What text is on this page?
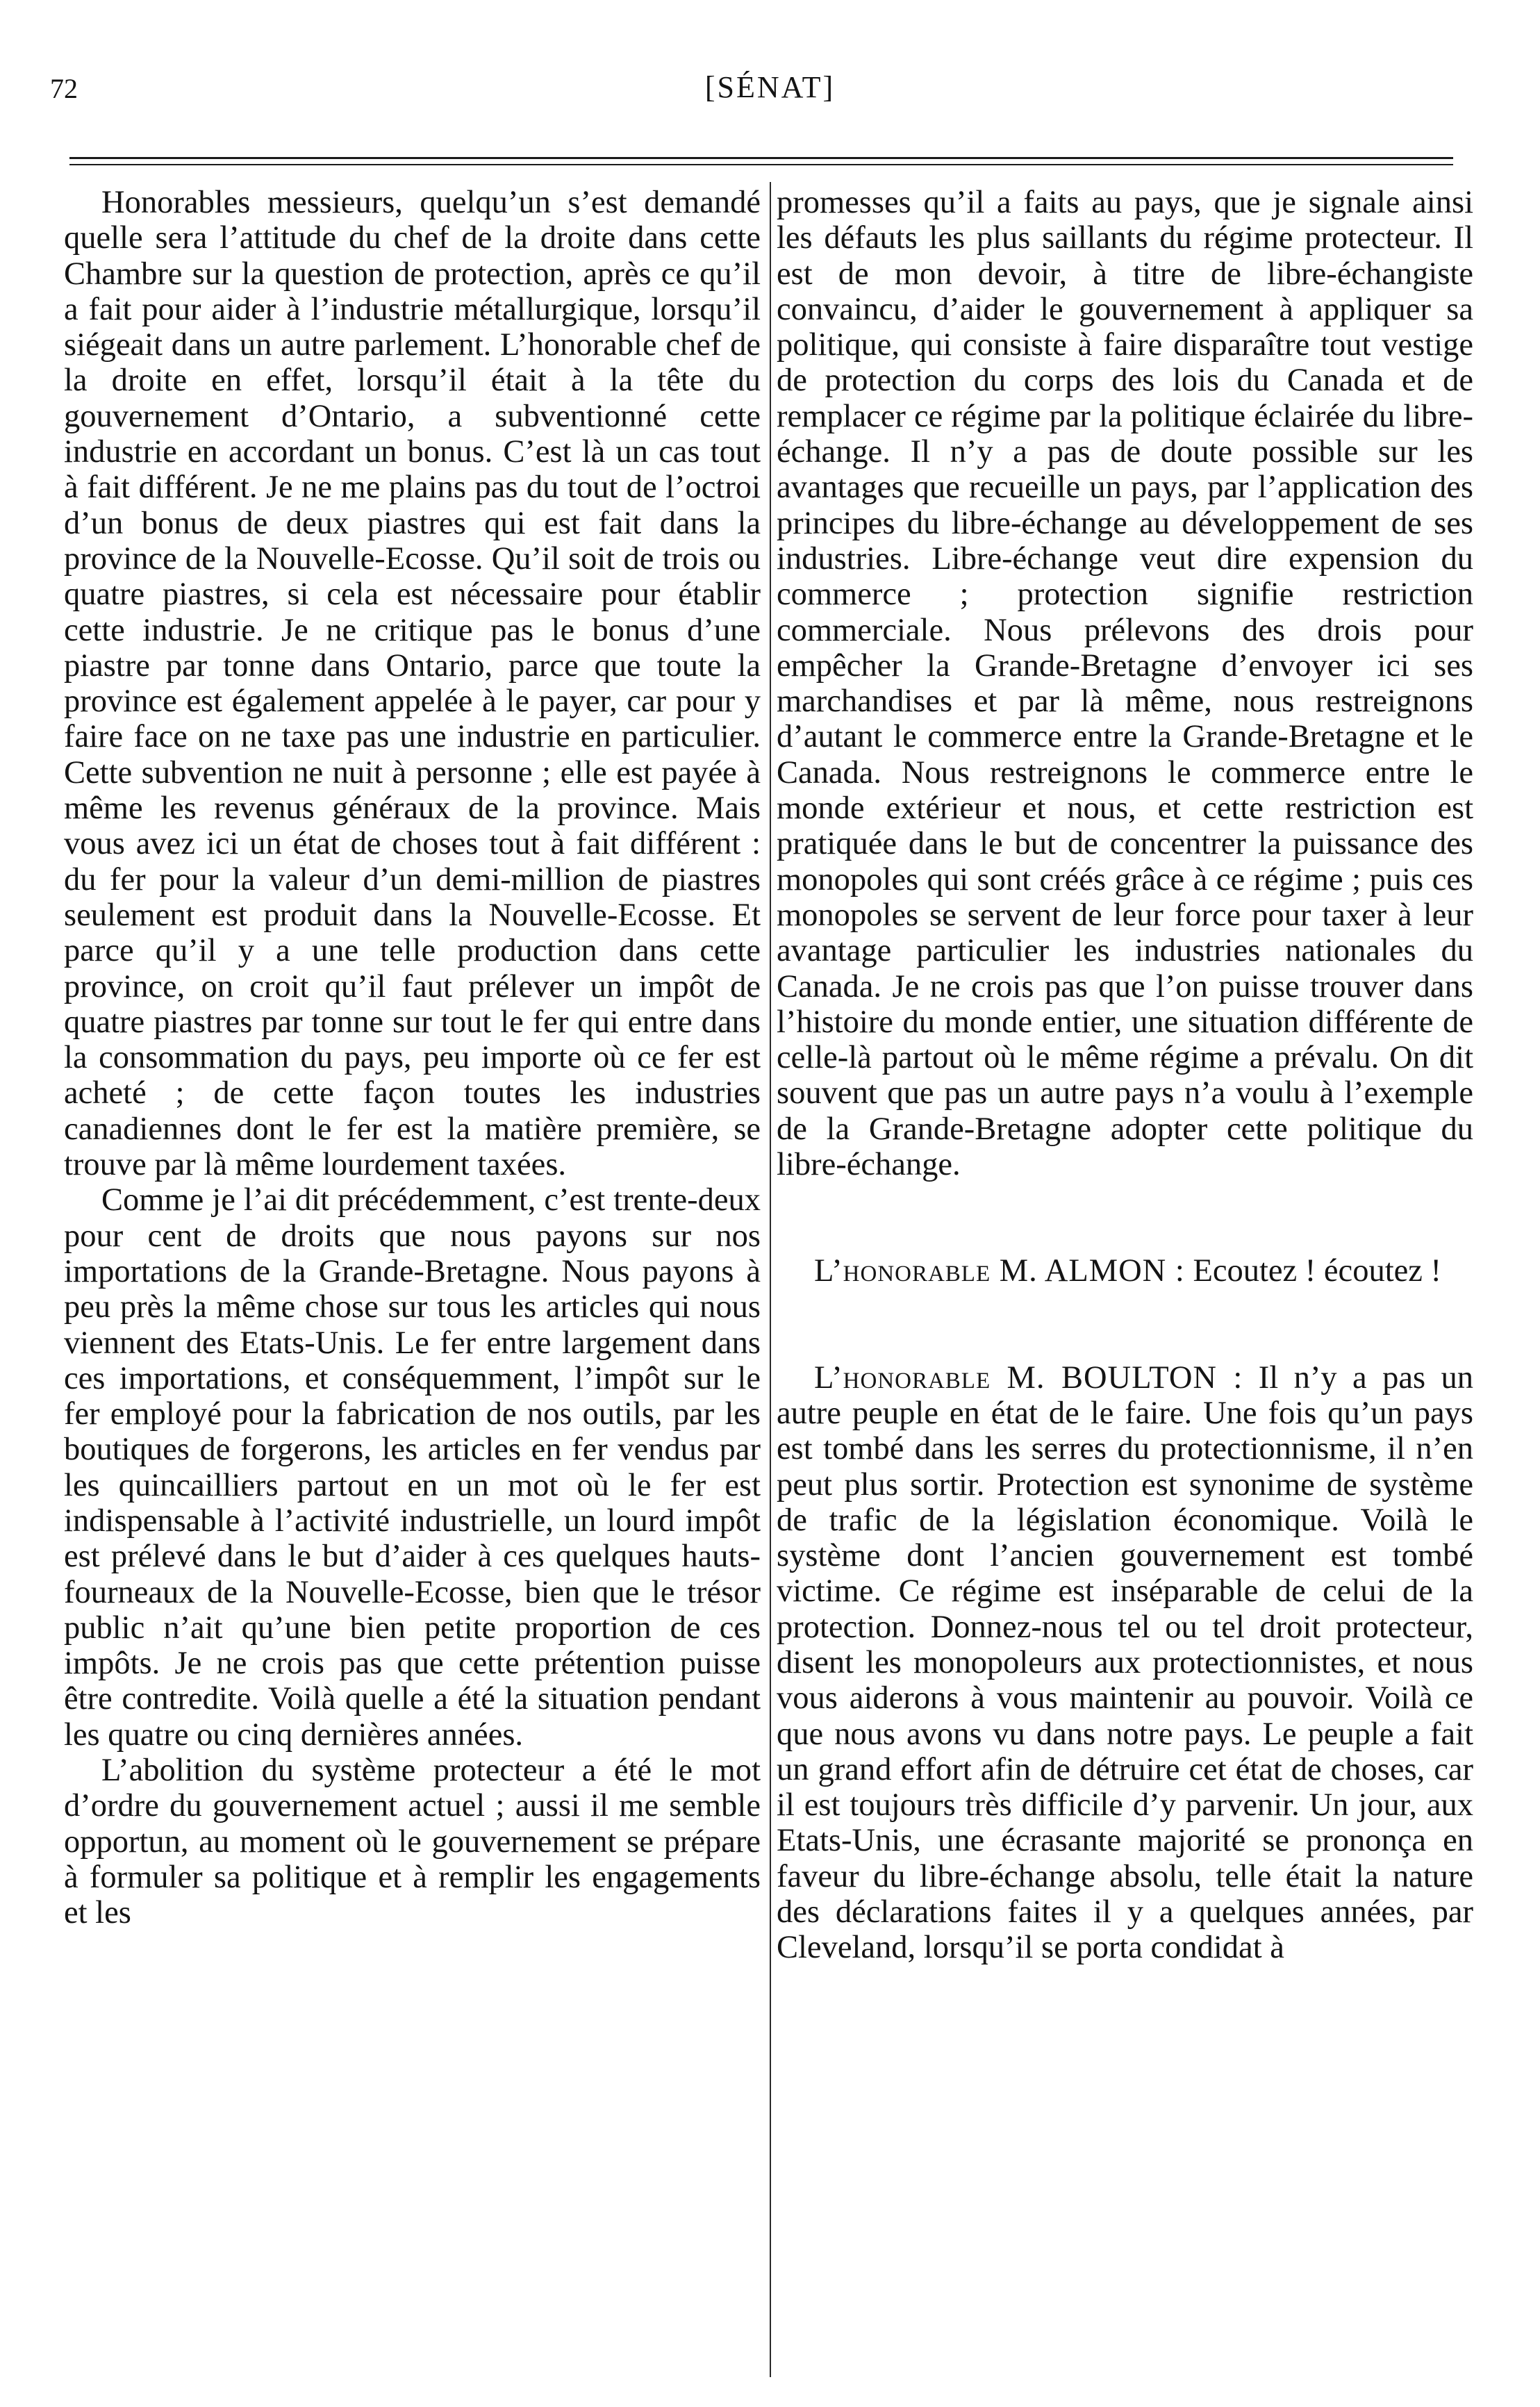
72	[SÉNAT]

Honorables messieurs, quelqu’un s’est demandé quelle sera l’attitude du chef de la droite dans cette Chambre sur la question de protection, après ce qu’il a fait pour aider à l’industrie métallurgique, lorsqu’il siégeait dans un autre parlement. L’honorable chef de la droite en effet, lorsqu’il était à la tête du gouvernement d’Ontario, a subventionné cette industrie en accordant un bonus. C’est là un cas tout à fait différent. Je ne me plains pas du tout de l’octroi d’un bonus de deux piastres qui est fait dans la province de la Nouvelle-Ecosse. Qu’il soit de trois ou quatre piastres, si cela est nécessaire pour établir cette industrie. Je ne critique pas le bonus d’une piastre par tonne dans Ontario, parce que toute la province est également appelée à le payer, car pour y faire face on ne taxe pas une industrie en particulier. Cette subvention ne nuit à personne ; elle est payée à même les revenus généraux de la province. Mais vous avez ici un état de choses tout à fait différent : du fer pour la valeur d’un demi-million de piastres seulement est produit dans la Nouvelle-Ecosse. Et parce qu’il y a une telle production dans cette province, on croit qu’il faut prélever un impôt de quatre piastres par tonne sur tout le fer qui entre dans la consommation du pays, peu importe où ce fer est acheté ; de cette façon toutes les industries canadiennes dont le fer est la matière première, se trouve par là même lourdement taxées.

Comme je l’ai dit précédemment, c’est trente-deux pour cent de droits que nous payons sur nos importations de la Grande-Bretagne. Nous payons à peu près la même chose sur tous les articles qui nous viennent des Etats-Unis. Le fer entre largement dans ces importations, et conséquemment, l’impôt sur le fer employé pour la fabrication de nos outils, par les boutiques de forgerons, les articles en fer vendus par les quincailliers partout en un mot où le fer est indispensable à l’activité industrielle, un lourd impôt est prélevé dans le but d’aider à ces quelques hauts-fourneaux de la Nouvelle-Ecosse, bien que le trésor public n’ait qu’une bien petite proportion de ces impôts. Je ne crois pas que cette prétention puisse être contredite. Voilà quelle a été la situation pendant les quatre ou cinq dernières années.

L’abolition du système protecteur a été le mot d’ordre du gouvernement actuel ; aussi il me semble opportun, au moment où le gouvernement se prépare à formuler sa politique et à remplir les engagements et les

promesses qu’il a faits au pays, que je signale ainsi les défauts les plus saillants du régime protecteur. Il est de mon devoir, à titre de libre-échangiste convaincu, d’aider le gouvernement à appliquer sa politique, qui consiste à faire disparaître tout vestige de protection du corps des lois du Canada et de remplacer ce régime par la politique éclairée du libre-échange. Il n’y a pas de doute possible sur les avantages que recueille un pays, par l’application des principes du libre-échange au développement de ses industries. Libre-échange veut dire expension du commerce ; protection signifie restriction commerciale. Nous prélevons des drois pour empêcher la Grande-Bretagne d’envoyer ici ses marchandises et par là même, nous restreignons d’autant le commerce entre la Grande-Bretagne et le Canada. Nous restreignons le commerce entre le monde extérieur et nous, et cette restriction est pratiquée dans le but de concentrer la puissance des monopoles qui sont créés grâce à ce régime ; puis ces monopoles se servent de leur force pour taxer à leur avantage particulier les industries nationales du Canada. Je ne crois pas que l’on puisse trouver dans l’histoire du monde entier, une situation différente de celle-là partout où le même régime a prévalu. On dit souvent que pas un autre pays n’a voulu à l’exemple de la Grande-Bretagne adopter cette politique du libre-échange.

L’honorable M. ALMON : Ecoutez ! écoutez !

L’honorable M. BOULTON : Il n’y a pas un autre peuple en état de le faire. Une fois qu’un pays est tombé dans les serres du protectionnisme, il n’en peut plus sortir. Protection est synonime de système de trafic de la législation économique. Voilà le système dont l’ancien gouvernement est tombé victime. Ce régime est inséparable de celui de la protection. Donnez-nous tel ou tel droit protecteur, disent les monopoleurs aux protectionnistes, et nous vous aiderons à vous maintenir au pouvoir. Voilà ce que nous avons vu dans notre pays. Le peuple a fait un grand effort afin de détruire cet état de choses, car il est toujours très difficile d’y parvenir. Un jour, aux Etats-Unis, une écrasante majorité se prononça en faveur du libre-échange absolu, telle était la nature des déclarations faites il y a quelques années, par Cleveland, lorsqu’il se porta condidat à
